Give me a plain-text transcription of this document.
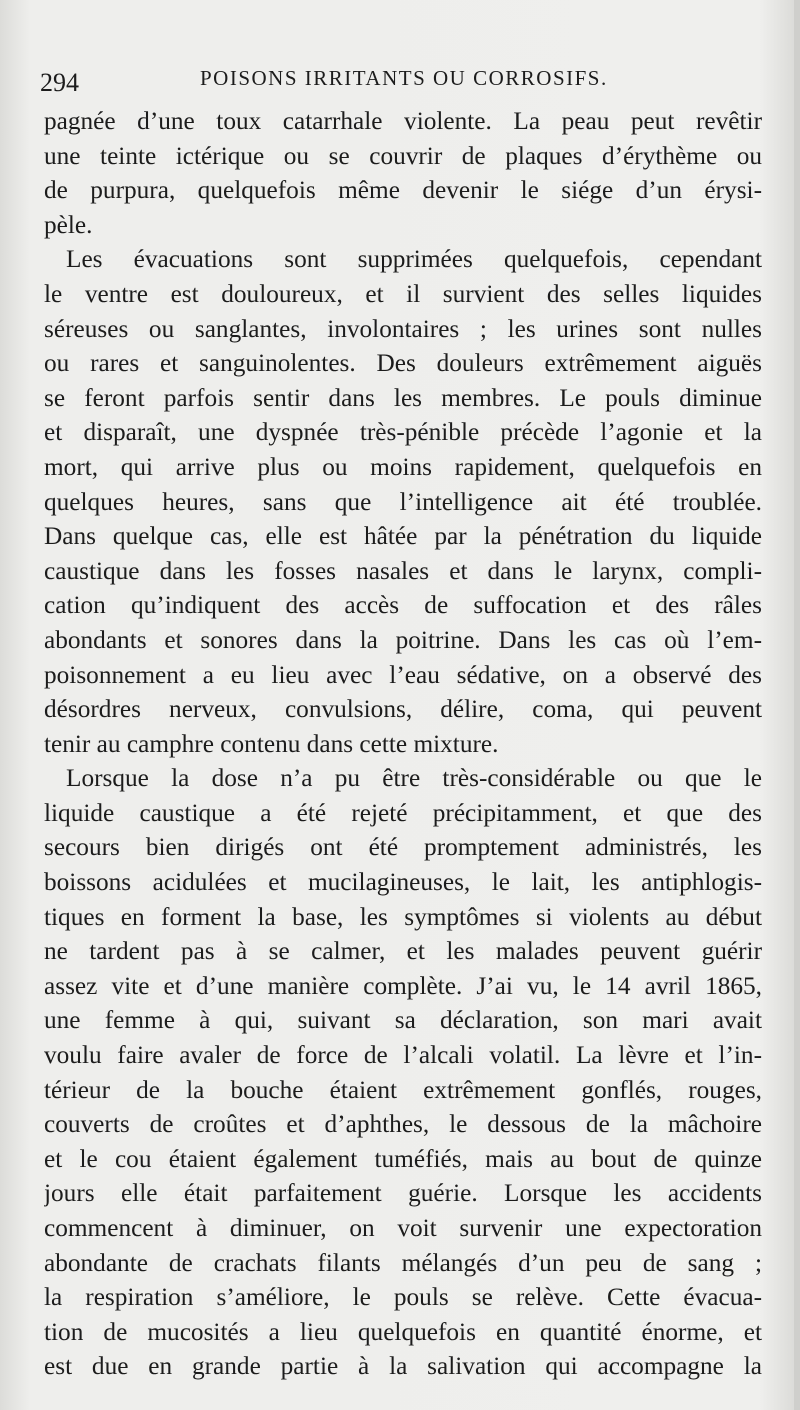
294	POISONS IRRITANTS OU CORROSIFS.
pagnée d’une toux catarrhale violente. La peau peut revêtir
une teinte ictérique ou se couvrir de plaques d’érythème ou
de purpura, quelquefois même devenir le siége d’un érysi-
pèle.
Les évacuations sont supprimées quelquefois, cependant
le ventre est douloureux, et il survient des selles liquides
séreuses ou sanglantes, involontaires ; les urines sont nulles
ou rares et sanguinolentes. Des douleurs extrêmement aiguës
se feront parfois sentir dans les membres. Le pouls diminue
et disparaît, une dyspnée très-pénible précède l’agonie et la
mort, qui arrive plus ou moins rapidement, quelquefois en
quelques heures, sans que l’intelligence ait été troublée.
Dans quelque cas, elle est hâtée par la pénétration du liquide
caustique dans les fosses nasales et dans le larynx, compli-
cation qu’indiquent des accès de suffocation et des râles
abondants et sonores dans la poitrine. Dans les cas où l’em-
poisonnement a eu lieu avec l’eau sédative, on a observé des
désordres nerveux, convulsions, délire, coma, qui peuvent
tenir au camphre contenu dans cette mixture.
Lorsque la dose n’a pu être très-considérable ou que le
liquide caustique a été rejeté précipitamment, et que des
secours bien dirigés ont été promptement administrés, les
boissons acidulées et mucilagineuses, le lait, les antiphlogis-
tiques en forment la base, les symptômes si violents au début
ne tardent pas à se calmer, et les malades peuvent guérir
assez vite et d’une manière complète. J’ai vu, le 14 avril 1865,
une femme à qui, suivant sa déclaration, son mari avait
voulu faire avaler de force de l’alcali volatil. La lèvre et l’in-
térieur de la bouche étaient extrêmement gonflés, rouges,
couverts de croûtes et d’aphthes, le dessous de la mâchoire
et le cou étaient également tuméfiés, mais au bout de quinze
jours elle était parfaitement guérie. Lorsque les accidents
commencent à diminuer, on voit survenir une expectoration
abondante de crachats filants mélangés d’un peu de sang ;
la respiration s’améliore, le pouls se relève. Cette évacua-
tion de mucosités a lieu quelquefois en quantité énorme, et
est due en grande partie à la salivation qui accompagne la
